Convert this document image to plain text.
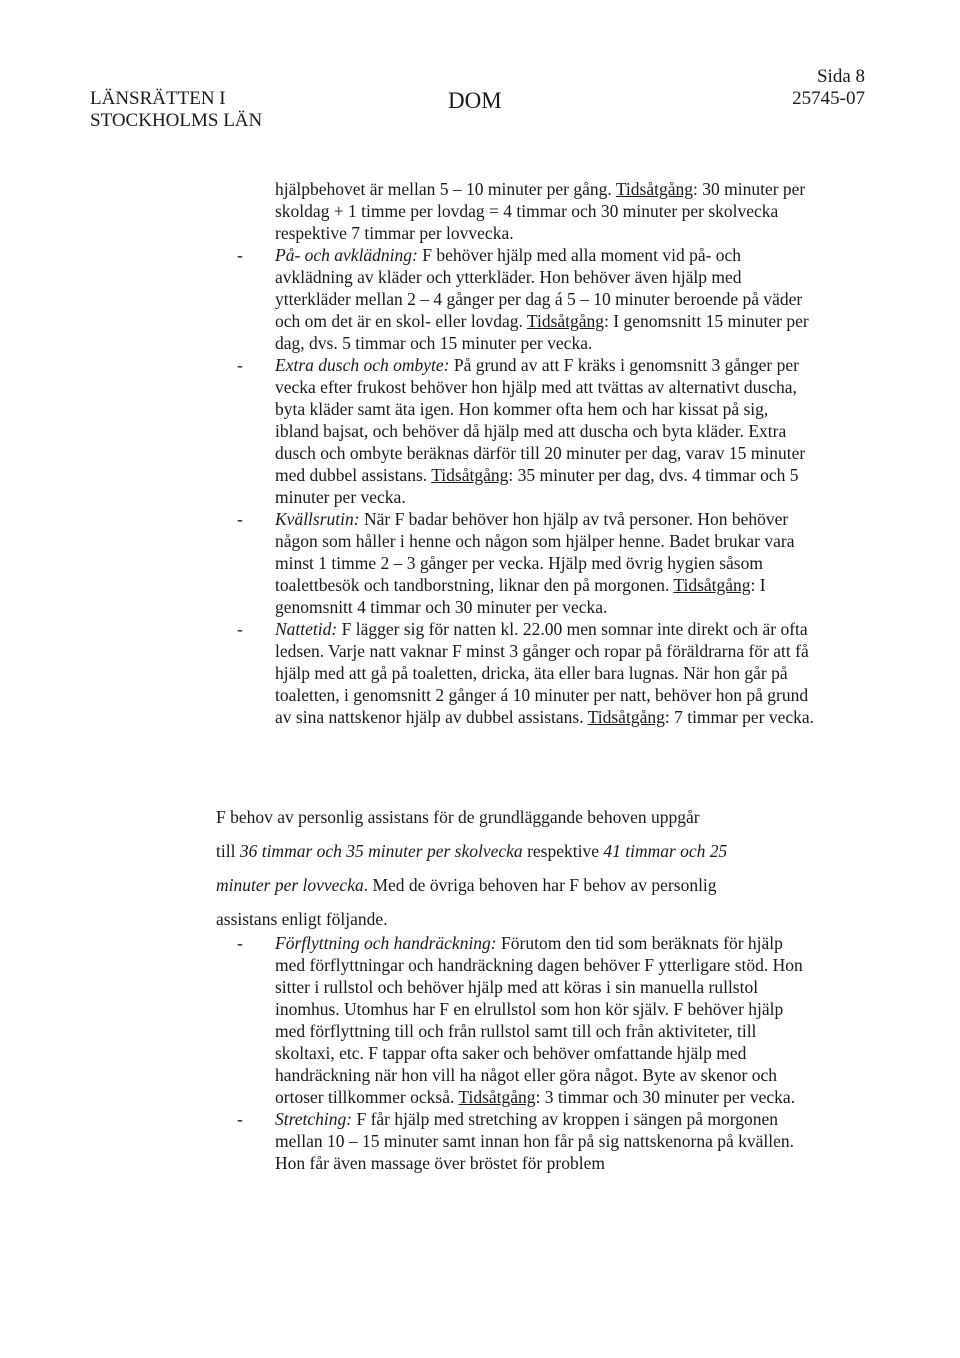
LÄNSRÄTTEN I
STOCKHOLMS LÄN
DOM
Sida 8
25745-07

hjälpbehovet är mellan 5 – 10 minuter per gång. Tidsåtgång: 30 minuter per skoldag + 1 timme per lovdag = 4 timmar och 30 minuter per skolvecka respektive 7 timmar per lovvecka.

- På- och avklädning: F behöver hjälp med alla moment vid på- och avklädning av kläder och ytterkläder. Hon behöver även hjälp med ytterkläder mellan 2 – 4 gånger per dag á 5 – 10 minuter beroende på väder och om det är en skol- eller lovdag. Tidsåtgång: I genomsnitt 15 minuter per dag, dvs. 5 timmar och 15 minuter per vecka.

- Extra dusch och ombyte: På grund av att F kräks i genomsnitt 3 gånger per vecka efter frukost behöver hon hjälp med att tvättas av alternativt duscha, byta kläder samt äta igen. Hon kommer ofta hem och har kissat på sig, ibland bajsat, och behöver då hjälp med att duscha och byta kläder. Extra dusch och ombyte beräknas därför till 20 minuter per dag, varav 15 minuter med dubbel assistans. Tidsåtgång: 35 minuter per dag, dvs. 4 timmar och 5 minuter per vecka.

- Kvällsrutin: När F badar behöver hon hjälp av två personer. Hon behöver någon som håller i henne och någon som hjälper henne. Badet brukar vara minst 1 timme 2 – 3 gånger per vecka. Hjälp med övrig hygien såsom toalettbesök och tandborstning, liknar den på morgonen. Tidsåtgång: I genomsnitt 4 timmar och 30 minuter per vecka.

- Nattetid: F lägger sig för natten kl. 22.00 men somnar inte direkt och är ofta ledsen. Varje natt vaknar F minst 3 gånger och ropar på föräldrarna för att få hjälp med att gå på toaletten, dricka, äta eller bara lugnas. När hon går på toaletten, i genomsnitt 2 gånger á 10 minuter per natt, behöver hon på grund av sina nattskenor hjälp av dubbel assistans. Tidsåtgång: 7 timmar per vecka.

F behov av personlig assistans för de grundläggande behoven uppgår
till 36 timmar och 35 minuter per skolvecka respektive 41 timmar och 25
minuter per lovvecka. Med de övriga behoven har F behov av personlig
assistans enligt följande.

- Förflyttning och handräckning: Förutom den tid som beräknats för hjälp med förflyttningar och handräckning dagen behöver F ytterligare stöd. Hon sitter i rullstol och behöver hjälp med att köras i sin manuella rullstol inomhus. Utomhus har F en elrullstol som hon kör själv. F behöver hjälp med förflyttning till och från rullstol samt till och från aktiviteter, till skoltaxi, etc. F tappar ofta saker och behöver omfattande hjälp med handräckning när hon vill ha något eller göra något. Byte av skenor och ortoser tillkommer också. Tidsåtgång: 3 timmar och 30 minuter per vecka.

- Stretching: F får hjälp med stretching av kroppen i sängen på morgonen mellan 10 – 15 minuter samt innan hon får på sig nattskenorna på kvällen. Hon får även massage över bröstet för problem
